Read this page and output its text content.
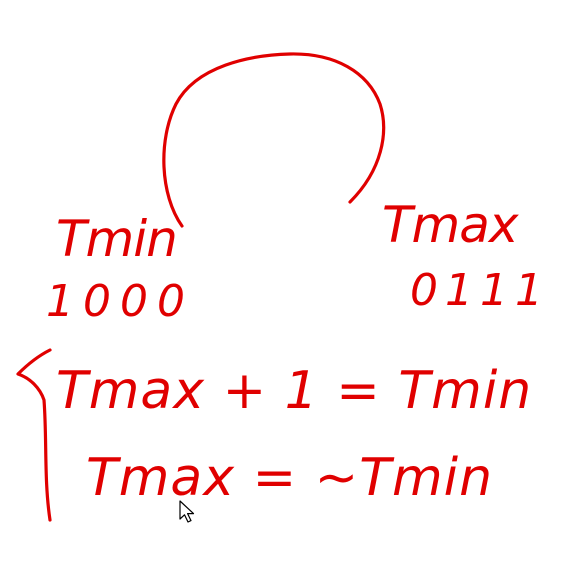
Tmin
1000
Tmax
0111
Tmax + 1 = Tmin
Tmax = ~Tmin
